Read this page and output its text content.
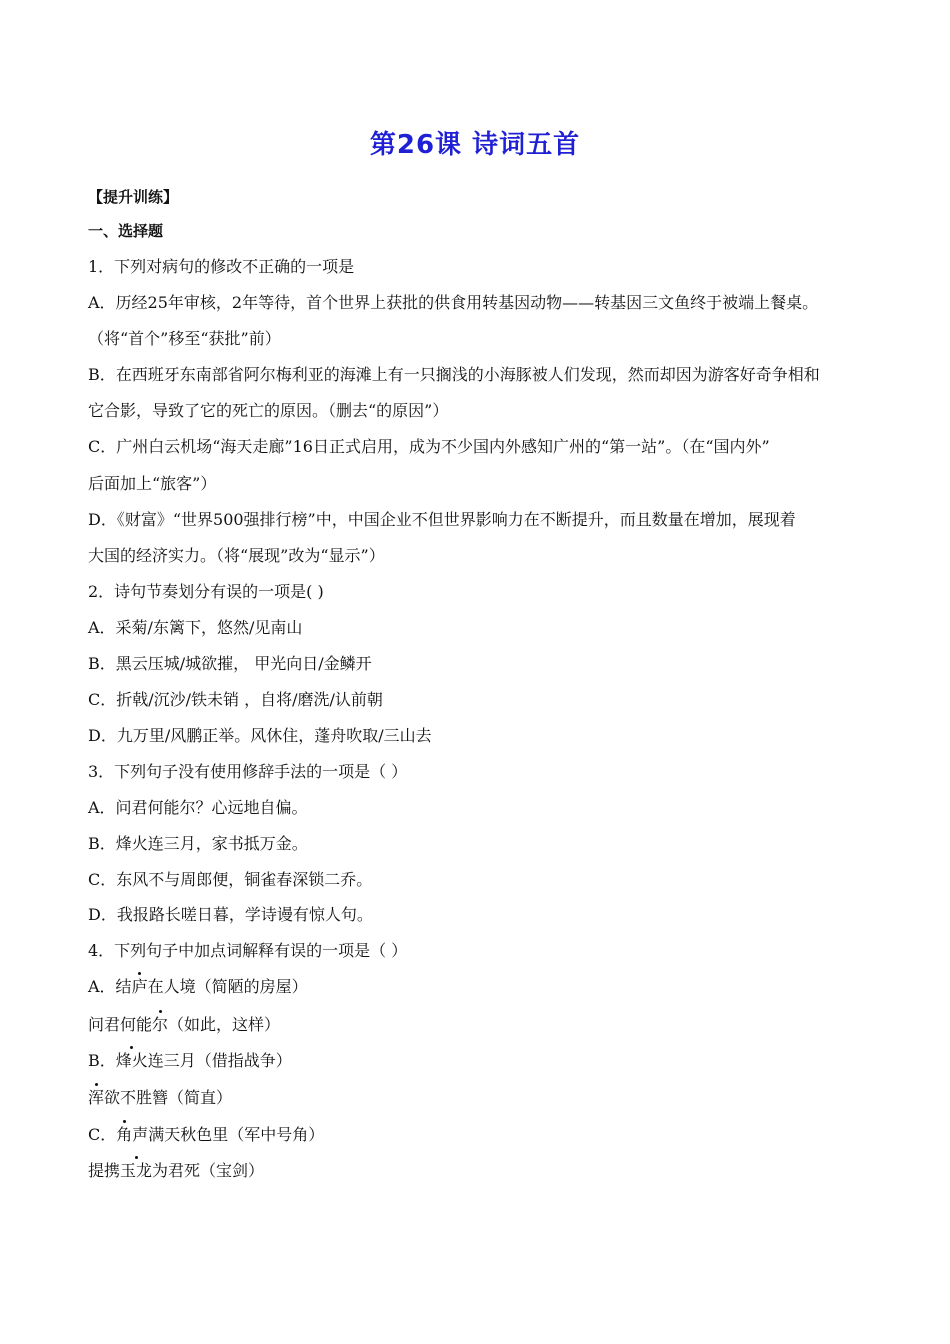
第26课 诗词五首
【提升训练】
一、选择题
1．下列对病句的修改不正确的一项是
A．历经25年审核，2年等待，首个世界上获批的供食用转基因动物——转基因三文鱼终于被端上餐桌。
（将“首个”移至“获批”前）
B．在西班牙东南部省阿尔梅利亚的海滩上有一只搁浅的小海豚被人们发现，然而却因为游客好奇争相和
它合影，导致了它的死亡的原因。（删去“的原因”）
C．广州白云机场“海天走廊”16日正式启用，成为不少国内外感知广州的“第一站”。（在“国内外”
后面加上“旅客”）
D．《财富》“世界500强排行榜”中，中国企业不但世界影响力在不断提升，而且数量在增加，展现着
大国的经济实力。（将“展现”改为“显示”）
2．诗句节奏划分有误的一项是( )
A．采菊/东篱下，悠然/见南山
B．黑云压城/城欲摧， 甲光向日/金鳞开
C．折戟/沉沙/铁未销 ，自将/磨洗/认前朝
D．九万里/风鹏正举。风休住，蓬舟吹取/三山去
3．下列句子没有使用修辞手法的一项是（ ）
A．问君何能尔？心远地自偏。
B．烽火连三月，家书抵万金。
C．东风不与周郎便，铜雀春深锁二乔。
D．我报路长嗟日暮，学诗谩有惊人句。
4．下列句子中加点词解释有误的一项是（ ）
A．结庐在人境（简陋的房屋）
问君何能尔（如此，这样）
B．烽火连三月（借指战争）
浑欲不胜簪（简直）
C．角声满天秋色里（军中号角）
提携玉龙为君死（宝剑）
